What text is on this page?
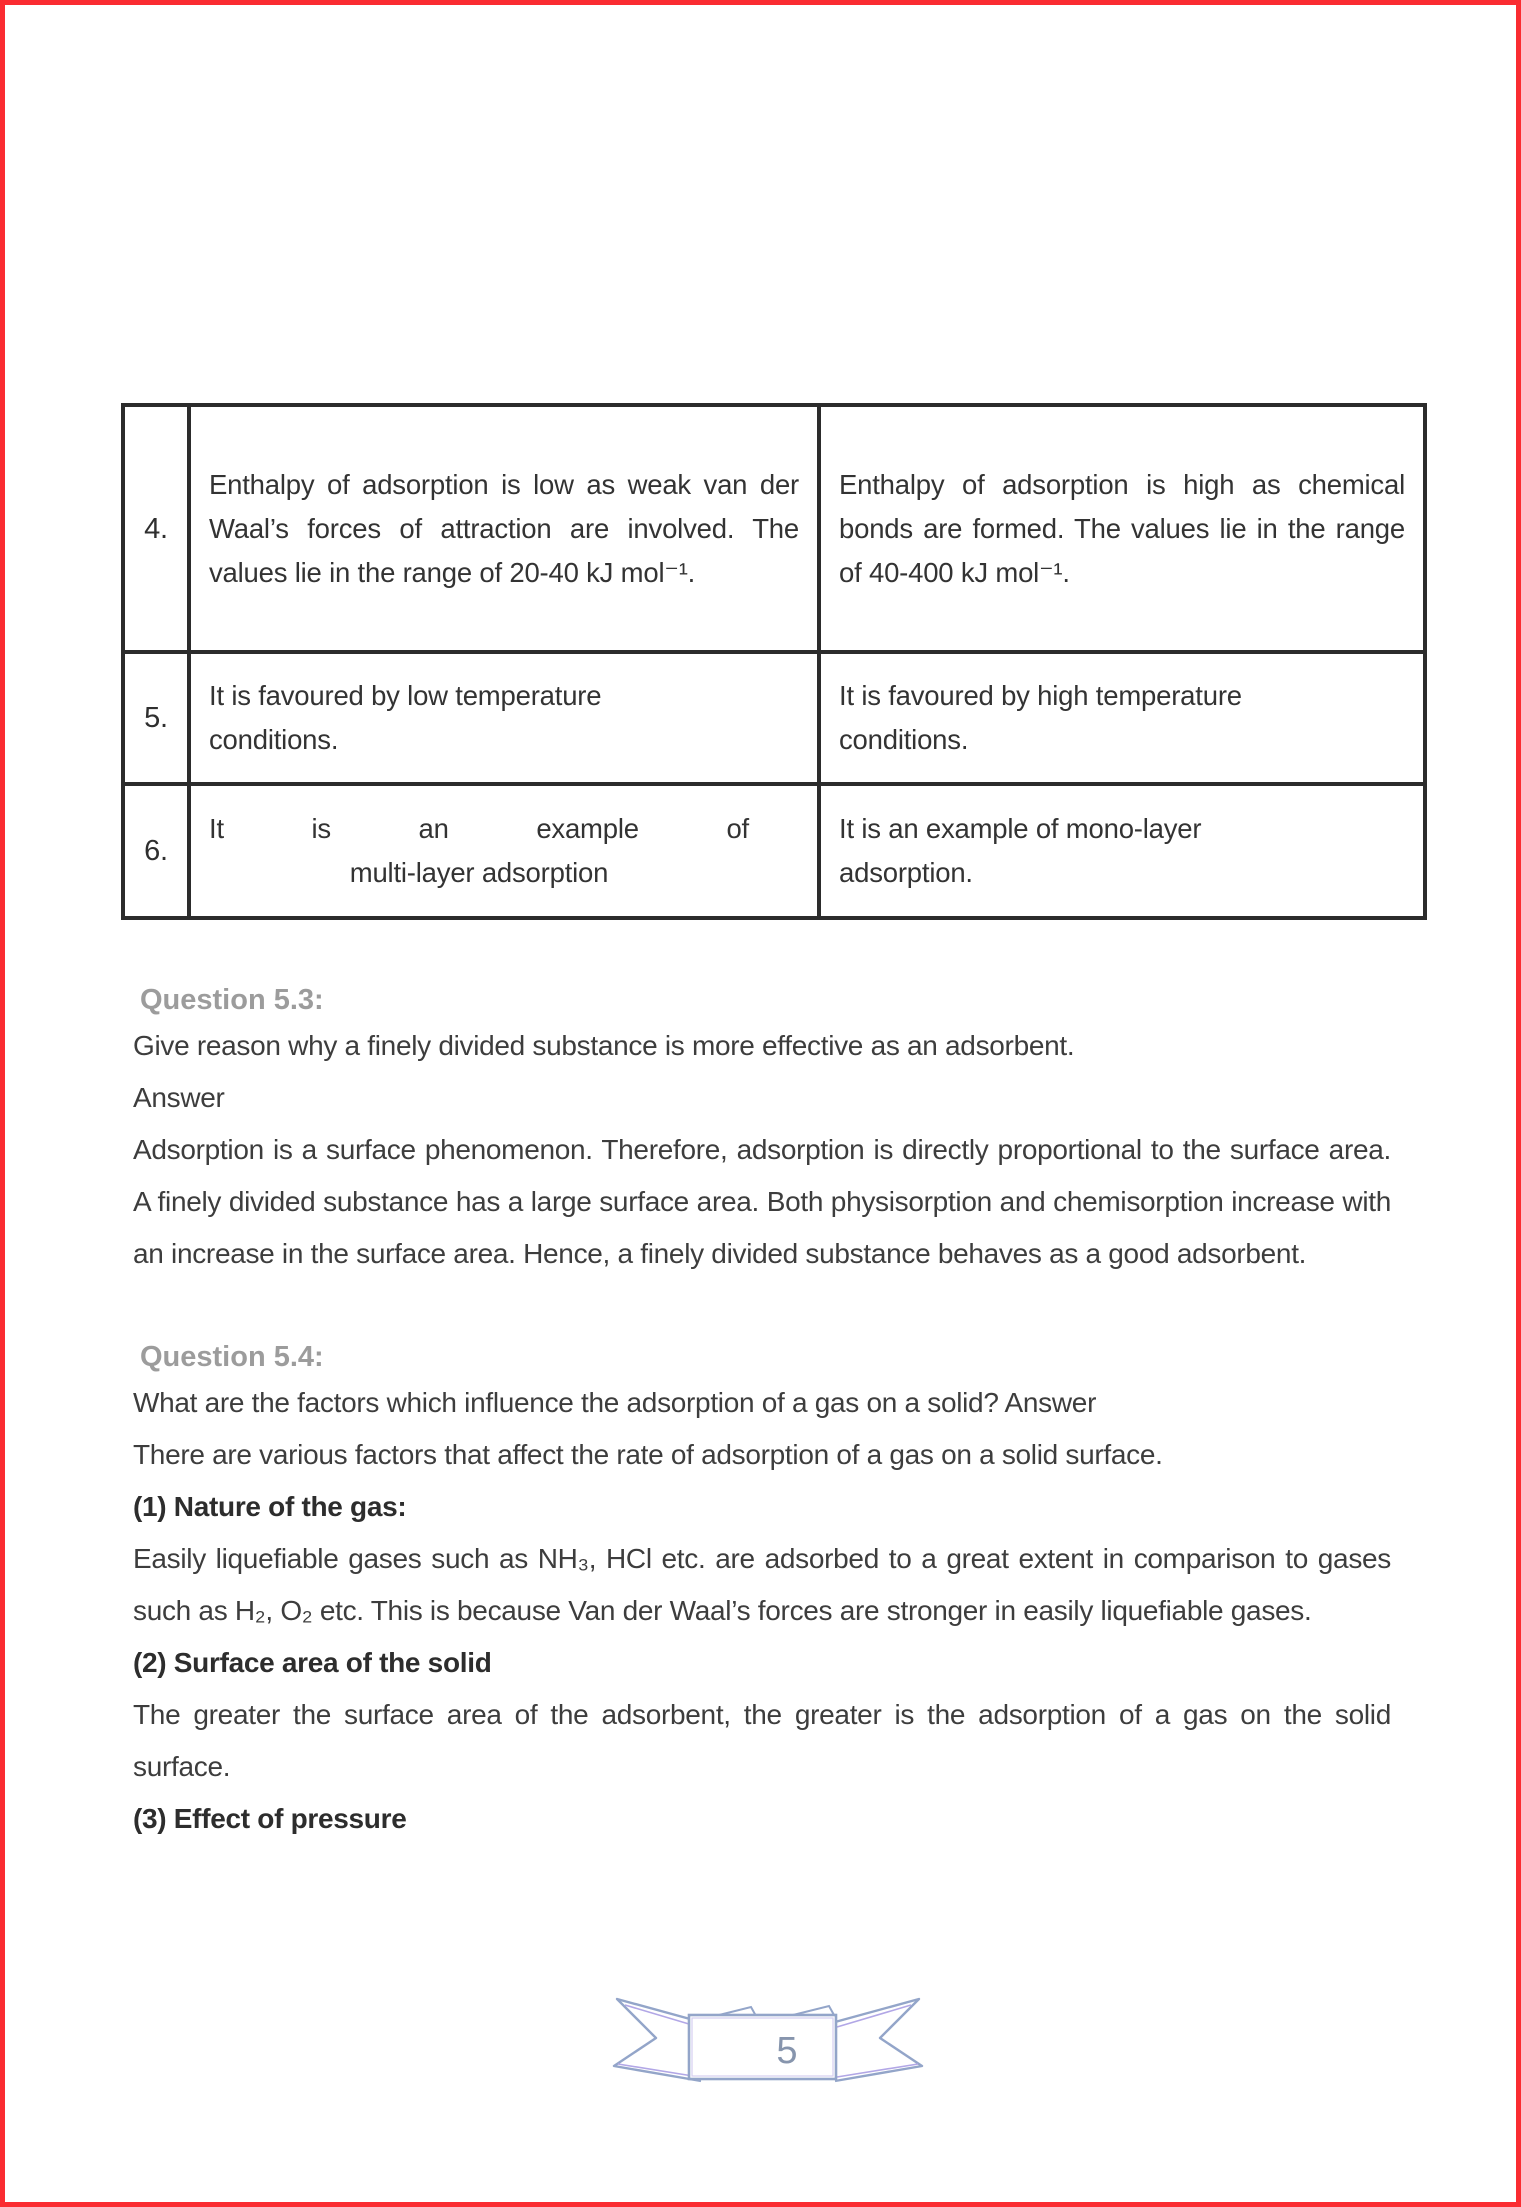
4.
Enthalpy of adsorption is low as weak van der Waal’s forces of attraction are involved. The values lie in the range of 20-40 kJ mol⁻¹.
Enthalpy of adsorption is high as chemical bonds are formed. The values lie in the range of 40-400 kJ mol⁻¹.
5.
It is favoured by low temperature conditions.
It is favoured by high temperature conditions.
6.
It is an example of
multi-layer adsorption
It is an example of mono-layer adsorption.
Question 5.3:
Give reason why a finely divided substance is more effective as an adsorbent.
Answer
Adsorption is a surface phenomenon. Therefore, adsorption is directly proportional to the surface area. A finely divided substance has a large surface area. Both physisorption and chemisorption increase with an increase in the surface area. Hence, a finely divided substance behaves as a good adsorbent.
Question 5.4:
What are the factors which influence the adsorption of a gas on a solid? Answer
There are various factors that affect the rate of adsorption of a gas on a solid surface.
(1) Nature of the gas:
Easily liquefiable gases such as NH₃, HCl etc. are adsorbed to a great extent in comparison to gases such as H₂, O₂ etc. This is because Van der Waal’s forces are stronger in easily liquefiable gases.
(2) Surface area of the solid
The greater the surface area of the adsorbent, the greater is the adsorption of a gas on the solid surface.
(3) Effect of pressure
5
